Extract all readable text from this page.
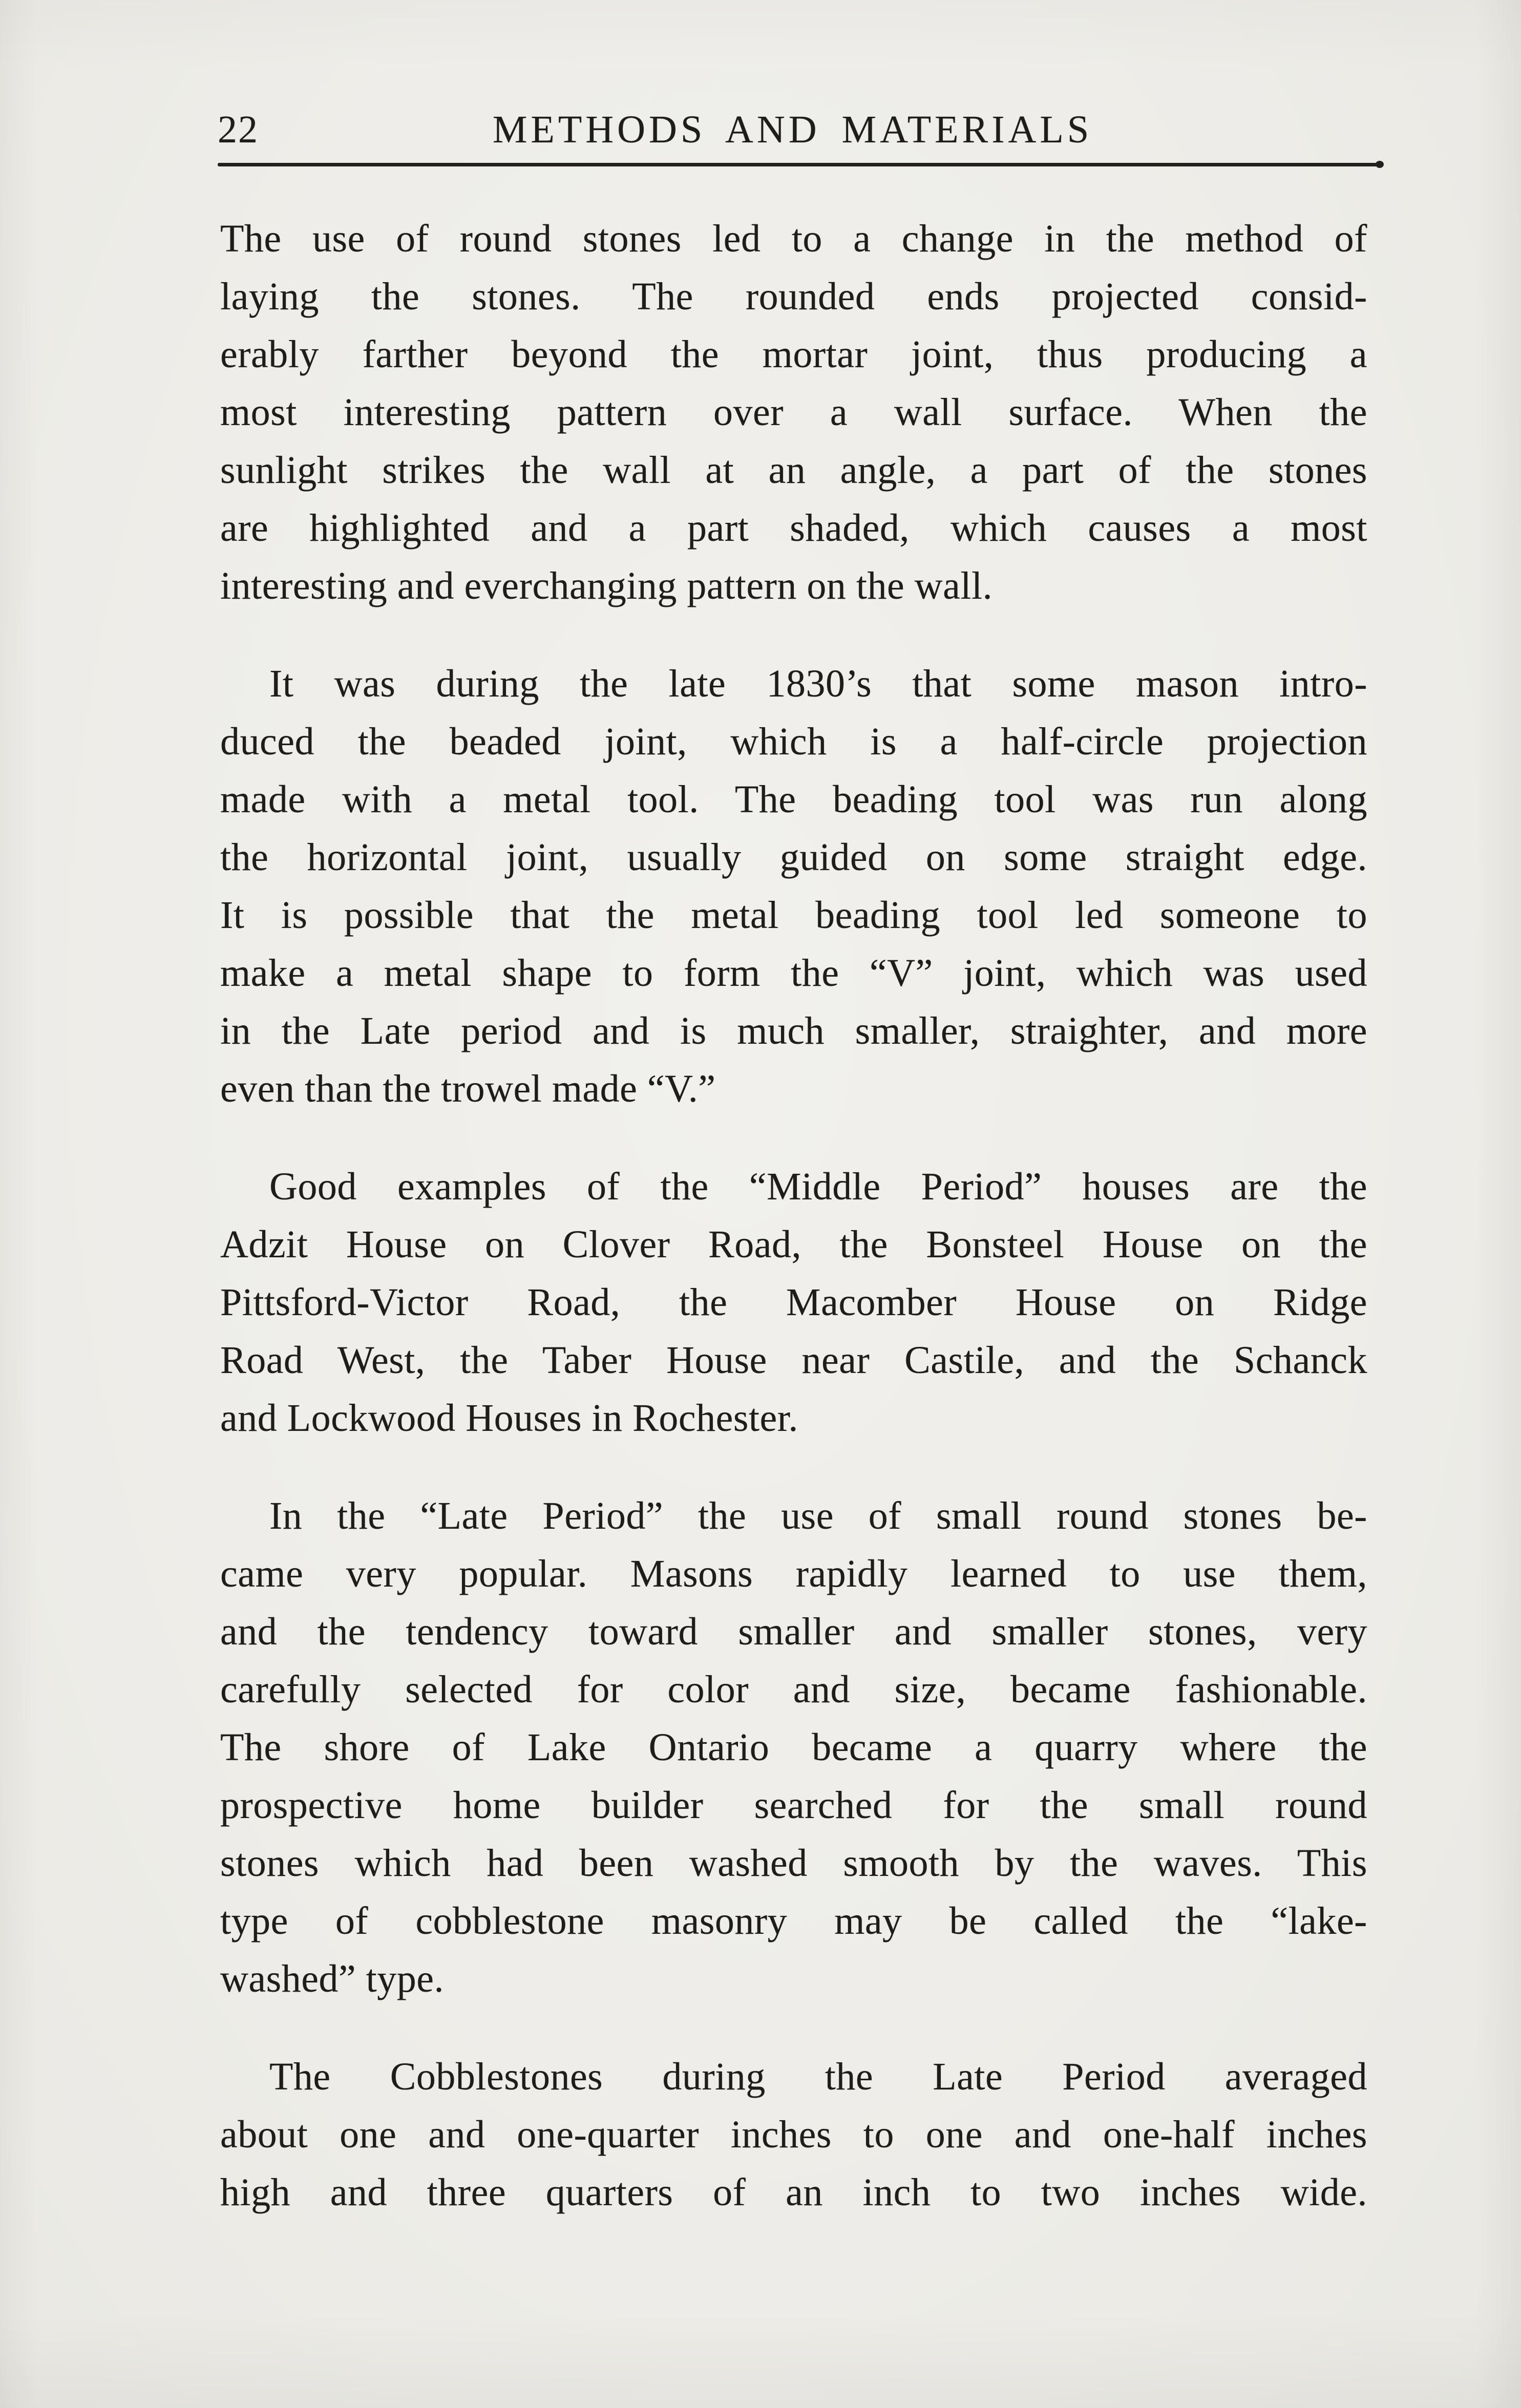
22	METHODS AND MATERIALS
The use of round stones led to a change in the method of
laying the stones. The rounded ends projected consid-
erably farther beyond the mortar joint, thus producing a
most interesting pattern over a wall surface. When the
sunlight strikes the wall at an angle, a part of the stones
are highlighted and a part shaded, which causes a most
interesting and everchanging pattern on the wall.
It was during the late 1830’s that some mason intro-
duced the beaded joint, which is a half-circle projection
made with a metal tool. The beading tool was run along
the horizontal joint, usually guided on some straight edge.
It is possible that the metal beading tool led someone to
make a metal shape to form the “V” joint, which was used
in the Late period and is much smaller, straighter, and more
even than the trowel made “V.”
Good examples of the “Middle Period” houses are the
Adzit House on Clover Road, the Bonsteel House on the
Pittsford-Victor Road, the Macomber House on Ridge
Road West, the Taber House near Castile, and the Schanck
and Lockwood Houses in Rochester.
In the “Late Period” the use of small round stones be-
came very popular. Masons rapidly learned to use them,
and the tendency toward smaller and smaller stones, very
carefully selected for color and size, became fashionable.
The shore of Lake Ontario became a quarry where the
prospective home builder searched for the small round
stones which had been washed smooth by the waves. This
type of cobblestone masonry may be called the “lake-
washed” type.
The Cobblestones during the Late Period averaged
about one and one-quarter inches to one and one-half inches
high and three quarters of an inch to two inches wide.
